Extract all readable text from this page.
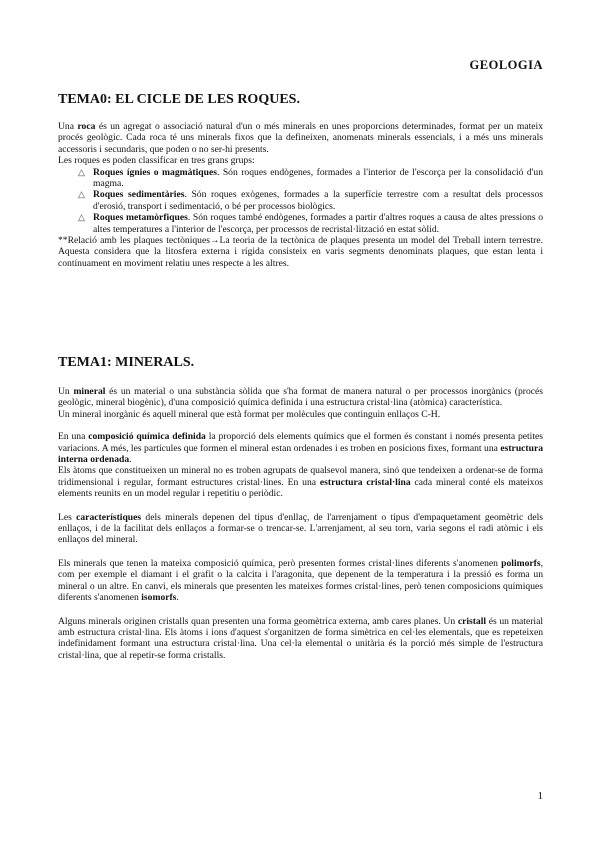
GEOLOGIA
TEMA0: EL CICLE DE LES ROQUES.

Una roca és un agregat o associació natural d'un o més minerals en unes proporcions determinades, format per un mateix procés geològic. Cada roca té uns minerals fixos que la defineixen, anomenats minerals essencials, i a més uns minerals accessoris i secundaris, que poden o no ser-hi presents.

Les roques es poden classificar en tres grans grups:

△ Roques ígnies o magmàtiques. Són roques endògenes, formades a l'interior de l'escorça per la consolidació d'un magma.
△ Roques sedimentàries. Són roques exògenes, formades a la superfície terrestre com a resultat dels processos d'erosió, transport i sedimentació, o bé per processos biològics.
△ Roques metamòrfiques. Són roques també endògenes, formades a partir d'altres roques a causa de altes pressions o altes temperatures a l'interior de l'escorça, per processos de recristal·lització en estat sòlid.

**Relació amb les plaques tectòniques→La teoria de la tectònica de plaques presenta un model del Treball intern terrestre. Aquesta considera que la litosfera externa i rígida consisteix en varis segments denominats plaques, que estan lenta i contínuament en moviment relatiu unes respecte a les altres.

TEMA1: MINERALS.

Un mineral és un material o una substància sòlida que s'ha format de manera natural o per processos inorgànics (procés geològic, mineral biogènic), d'una composició química definida i una estructura cristal·lina (atòmica) característica.

Un mineral inorgànic és aquell mineral que està format per molècules que continguin enllaços C-H.

En una composició química definida la proporció dels elements químics que el formen és constant i només presenta petites variacions. A més, les partícules que formen el mineral estan ordenades i es troben en posicions fixes, formant una estructura interna ordenada.

Els àtoms que constitueixen un mineral no es troben agrupats de qualsevol manera, sinó que tendeixen a ordenar-se de forma tridimensional i regular, formant estructures cristal·lines. En una estructura cristal·lina cada mineral conté els mateixos elements reunits en un model regular i repetitiu o periòdic.

Les característiques dels minerals depenen del tipus d'enllaç, de l'arrenjament o tipus d'empaquetament geomètric dels enllaços, i de la facilitat dels enllaços a formar-se o trencar-se. L'arrenjament, al seu torn, varia segons el radi atòmic i els enllaços del mineral.

Els minerals que tenen la mateixa composició química, però presenten formes cristal·lines diferents s'anomenen polimorfs, com per exemple el diamant i el grafit o la calcita i l'aragonita, que depenent de la temperatura i la pressió es forma un mineral o un altre. En canvi, els minerals que presenten les mateixes formes cristal·lines, però tenen composicions químiques diferents s'anomenen isomorfs.

Alguns minerals originen cristalls quan presenten una forma geomètrica externa, amb cares planes. Un cristall és un material amb estructura cristal·lina. Els àtoms i ions d'aquest s'organitzen de forma simètrica en cel·les elementals, que es repeteixen indefinidament formant una estructura cristal·lina. Una cel·la elemental o unitària és la porció més simple de l'estructura cristal·lina, que al repetir-se forma cristalls.

1
